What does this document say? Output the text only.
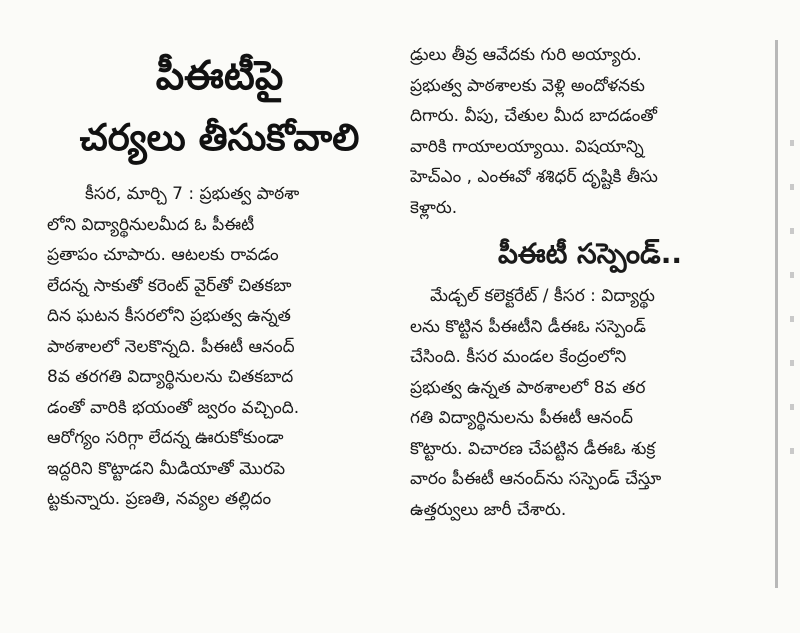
పీఈటీపై
చర్యలు తీసుకోవాలి

కీసర, మార్చి 7 : ప్రభుత్వ పాఠశా

లోని విద్యార్థినులమీద ఓ పీఈటీ

ప్రతాపం చూపారు. ఆటలకు రావడం

లేదన్న సాకుతో కరెంట్ వైర్‌తో చితకబా

దిన ఘటన కీసరలోని ప్రభుత్వ ఉన్నత

పాఠశాలలో నెలకొన్నది. పీఈటీ ఆనంద్

8వ తరగతి విద్యార్థినులను చితకబాద

డంతో వారికి భయంతో జ్వరం వచ్చింది.

ఆరోగ్యం సరిగ్గా లేదన్న ఊరుకోకుండా

ఇద్దరిని కొట్టాడని మీడియాతో మొరపె

ట్టకున్నారు. ప్రణతి, నవ్యల తల్లిదం

డ్రులు తీవ్ర ఆవేదకు గురి అయ్యారు.

ప్రభుత్వ పాఠశాలకు వెళ్లి అందోళనకు

దిగారు. వీపు, చేతుల మీద బాదడంతో

వారికి గాయాలయ్యాయి. విషయాన్ని

హెచ్‌ఎం , ఎంఈవో శశిధర్ దృష్టికి తీసు

కెళ్లారు.

పీఈటీ సస్పెండ్..

మేడ్చల్ కలెక్టరేట్ / కీసర : విద్యార్థు

లను కొట్టిన పీఈటీని డీఈఓ సస్పెండ్

చేసింది. కీసర మండల కేంద్రంలోని

ప్రభుత్వ ఉన్నత పాఠశాలలో 8వ తర

గతి విద్యార్థినులను పీఈటీ ఆనంద్

కొట్టారు. విచారణ చేపట్టిన డీఈఓ శుక్ర

వారం పీఈటీ ఆనంద్‌ను సస్పెండ్ చేస్తూ

ఉత్తర్వులు జారీ చేశారు.
